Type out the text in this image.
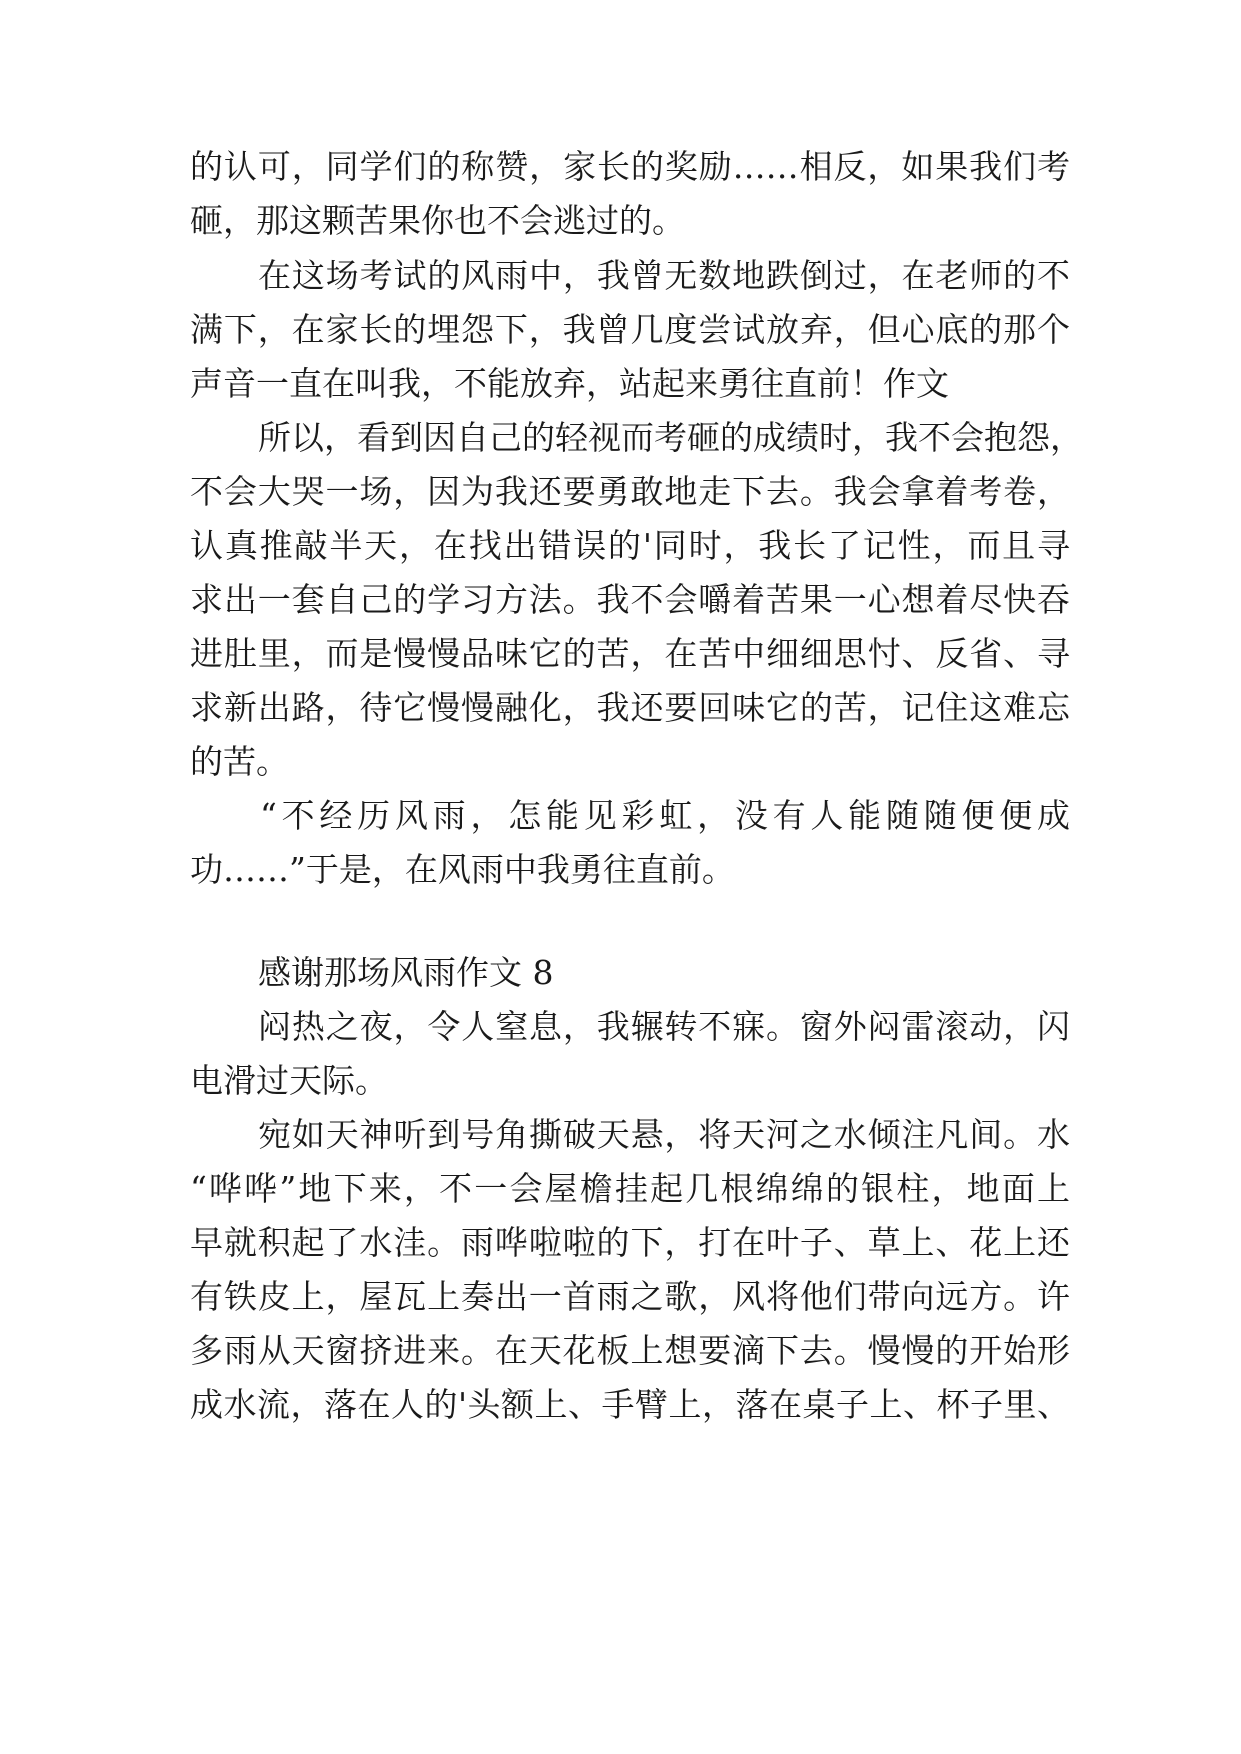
的认可，同学们的称赞，家长的奖励……相反，如果我们考
砸，那这颗苦果你也不会逃过的。
在这场考试的风雨中，我曾无数地跌倒过，在老师的不
满下，在家长的埋怨下，我曾几度尝试放弃，但心底的那个
声音一直在叫我，不能放弃，站起来勇往直前！作文
所以，看到因自己的轻视而考砸的成绩时，我不会抱怨，
不会大哭一场，因为我还要勇敢地走下去。我会拿着考卷，
认真推敲半天，在找出错误的'同时，我长了记性，而且寻
求出一套自己的学习方法。我不会嚼着苦果一心想着尽快吞
进肚里，而是慢慢品味它的苦，在苦中细细思忖、反省、寻
求新出路，待它慢慢融化，我还要回味它的苦，记住这难忘
的苦。
“不经历风雨，怎能见彩虹，没有人能随随便便成
功……”于是，在风雨中我勇往直前。
感谢那场风雨作文 8
闷热之夜，令人窒息，我辗转不寐。窗外闷雷滚动，闪
电滑过天际。
宛如天神听到号角撕破天悬，将天河之水倾注凡间。水
“哗哗”地下来，不一会屋檐挂起几根绵绵的银柱，地面上
早就积起了水洼。雨哗啦啦的下，打在叶子、草上、花上还
有铁皮上，屋瓦上奏出一首雨之歌，风将他们带向远方。许
多雨从天窗挤进来。在天花板上想要滴下去。慢慢的开始形
成水流，落在人的'头额上、手臂上，落在桌子上、杯子里、
